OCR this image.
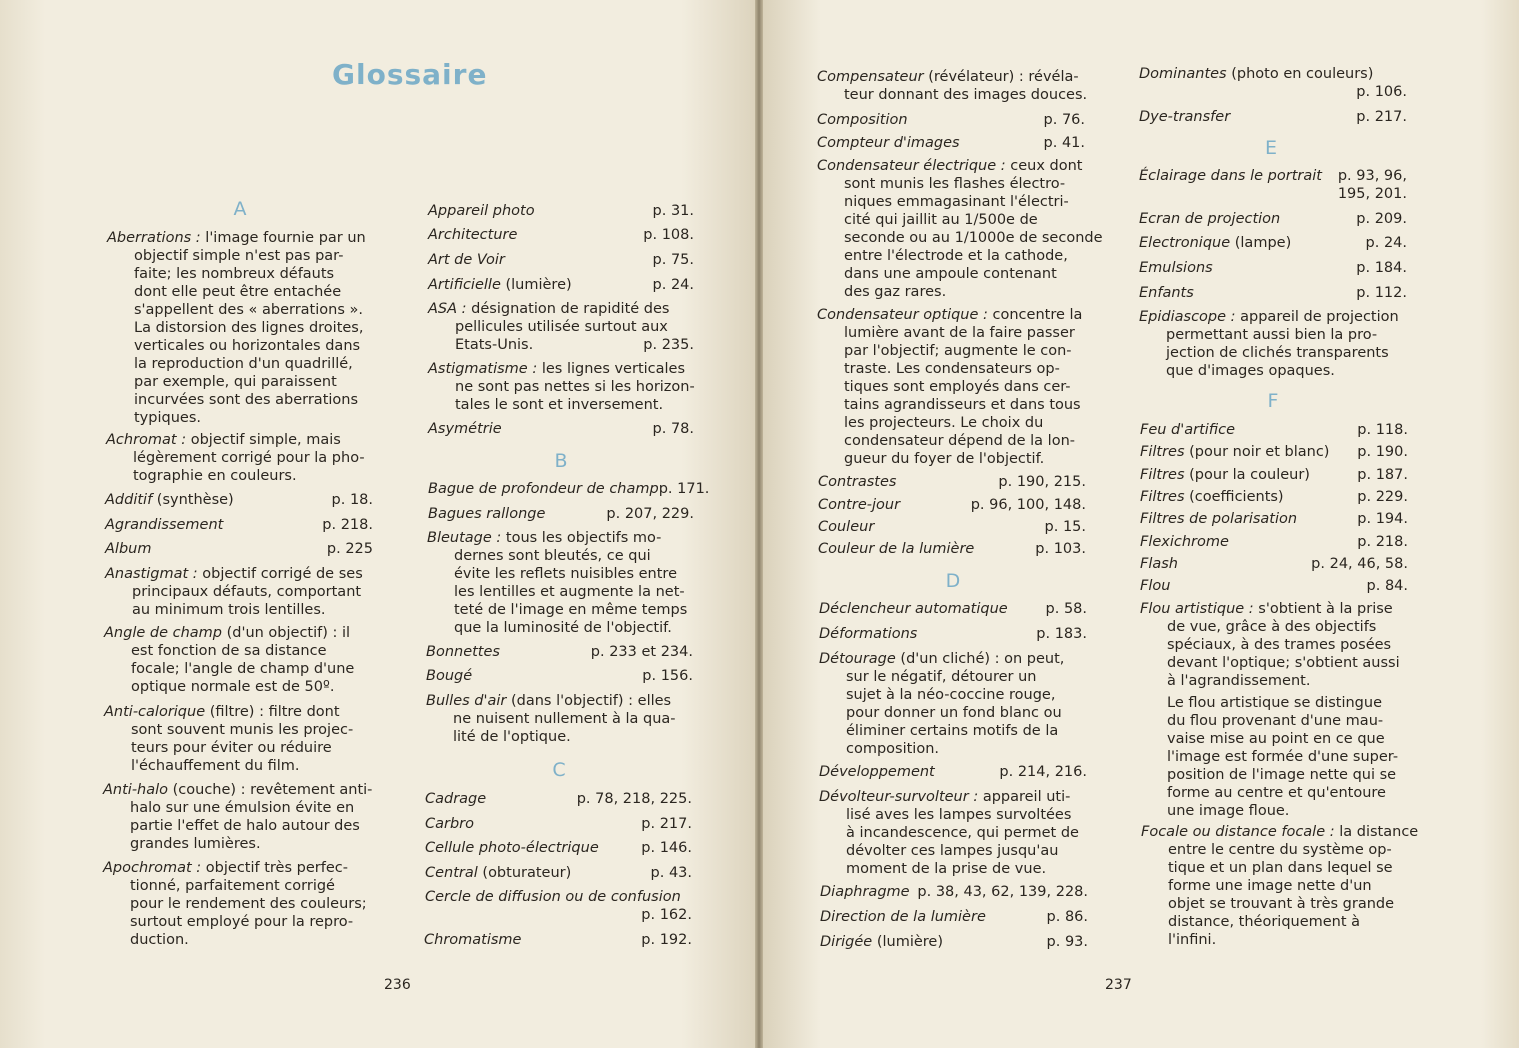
Glossaire
A
Aberrations : l'image fournie par un
objectif simple n'est pas par-
faite; les nombreux défauts
dont elle peut être entachée
s'appellent des « aberrations ».
La distorsion des lignes droites,
verticales ou horizontales dans
la reproduction d'un quadrillé,
par exemple, qui paraissent
incurvées sont des aberrations
typiques.
Achromat : objectif simple, mais
légèrement corrigé pour la pho-
tographie en couleurs.
Additif (synthèse)	p. 18.
Agrandissement	p. 218.
Album	p. 225
Anastigmat : objectif corrigé de ses
principaux défauts, comportant
au minimum trois lentilles.
Angle de champ (d'un objectif) : il
est fonction de sa distance
focale; l'angle de champ d'une
optique normale est de 50º.
Anti-calorique (filtre) : filtre dont
sont souvent munis les projec-
teurs pour éviter ou réduire
l'échauffement du film.
Anti-halo (couche) : revêtement anti-
halo sur une émulsion évite en
partie l'effet de halo autour des
grandes lumières.
Apochromat : objectif très perfec-
tionné, parfaitement corrigé
pour le rendement des couleurs;
surtout employé pour la repro-
duction.
Appareil photo	p. 31.
Architecture	p. 108.
Art de Voir	p. 75.
Artificielle (lumière)	p. 24.
ASA : désignation de rapidité des
pellicules utilisée surtout aux
Etats-Unis.	p. 235.
Astigmatisme : les lignes verticales
ne sont pas nettes si les horizon-
tales le sont et inversement.
Asymétrie	p. 78.
B
Bague de profondeur de champ p. 171.
Bagues rallonge	p. 207, 229.
Bleutage : tous les objectifs mo-
dernes sont bleutés, ce qui
évite les reflets nuisibles entre
les lentilles et augmente la net-
teté de l'image en même temps
que la luminosité de l'objectif.
Bonnettes	p. 233 et 234.
Bougé	p. 156.
Bulles d'air (dans l'objectif) : elles
ne nuisent nullement à la qua-
lité de l'optique.
C
Cadrage	p. 78, 218, 225.
Carbro	p. 217.
Cellule photo-électrique	p. 146.
Central (obturateur)	p. 43.
Cercle de diffusion ou de confusion
p. 162.
Chromatisme	p. 192.
236
Compensateur (révélateur) : révéla-
teur donnant des images douces.
Composition	p. 76.
Compteur d'images	p. 41.
Condensateur électrique : ceux dont
sont munis les flashes électro-
niques emmagasinant l'électri-
cité qui jaillit au 1/500e de
seconde ou au 1/1000e de seconde
entre l'électrode et la cathode,
dans une ampoule contenant
des gaz rares.
Condensateur optique : concentre la
lumière avant de la faire passer
par l'objectif; augmente le con-
traste. Les condensateurs op-
tiques sont employés dans cer-
tains agrandisseurs et dans tous
les projecteurs. Le choix du
condensateur dépend de la lon-
gueur du foyer de l'objectif.
Contrastes	p. 190, 215.
Contre-jour	p. 96, 100, 148.
Couleur	p. 15.
Couleur de la lumière	p. 103.
D
Déclencheur automatique	p. 58.
Déformations	p. 183.
Détourage (d'un cliché) : on peut,
sur le négatif, détourer un
sujet à la néo-coccine rouge,
pour donner un fond blanc ou
éliminer certains motifs de la
composition.
Développement	p. 214, 216.
Dévolteur-survolteur : appareil uti-
lisé aves les lampes survoltées
à incandescence, qui permet de
dévolter ces lampes jusqu'au
moment de la prise de vue.
Diaphragme p. 38, 43, 62, 139, 228.
Direction de la lumière	p. 86.
Dirigée (lumière)	p. 93.
237
Dominantes (photo en couleurs)
p. 106.
Dye-transfer	p. 217.
E
Éclairage dans le portrait p. 93, 96,
195, 201.
Ecran de projection	p. 209.
Electronique (lampe)	p. 24.
Emulsions	p. 184.
Enfants	p. 112.
Epidiascope : appareil de projection
permettant aussi bien la pro-
jection de clichés transparents
que d'images opaques.
F
Feu d'artifice	p. 118.
Filtres (pour noir et blanc) p. 190.
Filtres (pour la couleur)	p. 187.
Filtres (coefficients)	p. 229.
Filtres de polarisation	p. 194.
Flexichrome	p. 218.
Flash	p. 24, 46, 58.
Flou	p. 84.
Flou artistique : s'obtient à la prise
de vue, grâce à des objectifs
spéciaux, à des trames posées
devant l'optique; s'obtient aussi
à l'agrandissement.
Le flou artistique se distingue
du flou provenant d'une mau-
vaise mise au point en ce que
l'image est formée d'une super-
position de l'image nette qui se
forme au centre et qu'entoure
une image floue.
Focale ou distance focale : la distance
entre le centre du système op-
tique et un plan dans lequel se
forme une image nette d'un
objet se trouvant à très grande
distance, théoriquement à
l'infini.
